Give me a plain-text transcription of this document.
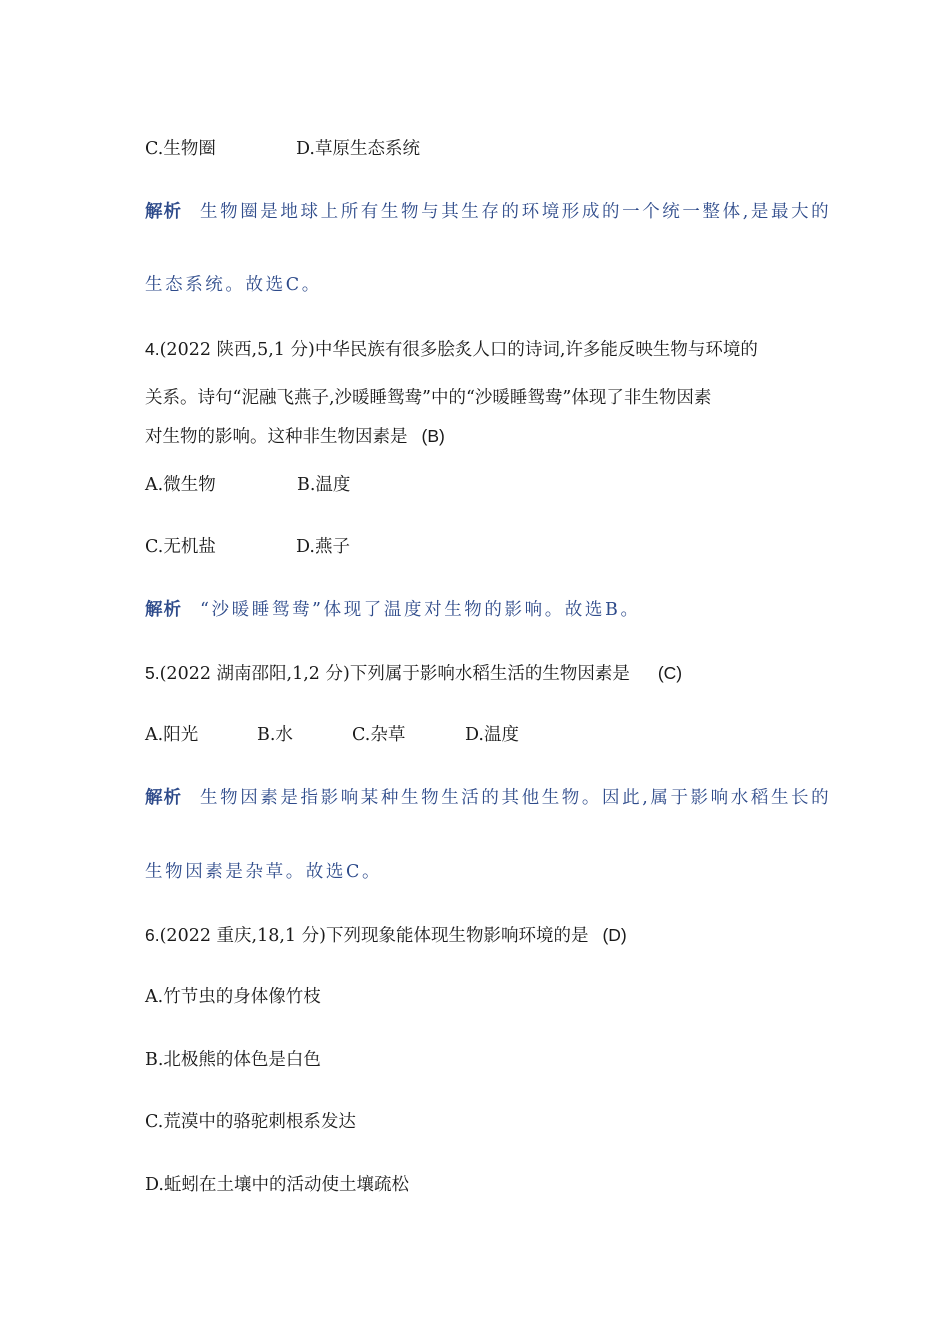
C.生物圈	D.草原生态系统
解析 生物圈是地球上所有生物与其生存的环境形成的一个统一整体,是最大的
生态系统。故选C。
4.(2022 陕西,5,1 分)中华民族有很多脍炙人口的诗词,许多能反映生物与环境的
关系。诗句“泥融飞燕子,沙暖睡鸳鸯”中的“沙暖睡鸳鸯”体现了非生物因素
对生物的影响。这种非生物因素是 (B)
A.微生物	B.温度
C.无机盐	D.燕子
解析 “沙暖睡鸳鸯”体现了温度对生物的影响。故选B。
5.(2022 湖南邵阳,1,2 分)下列属于影响水稻生活的生物因素是 (C)
A.阳光	B.水	C.杂草	D.温度
解析 生物因素是指影响某种生物生活的其他生物。因此,属于影响水稻生长的
生物因素是杂草。故选C。
6.(2022 重庆,18,1 分)下列现象能体现生物影响环境的是 (D)
A.竹节虫的身体像竹枝
B.北极熊的体色是白色
C.荒漠中的骆驼刺根系发达
D.蚯蚓在土壤中的活动使土壤疏松
